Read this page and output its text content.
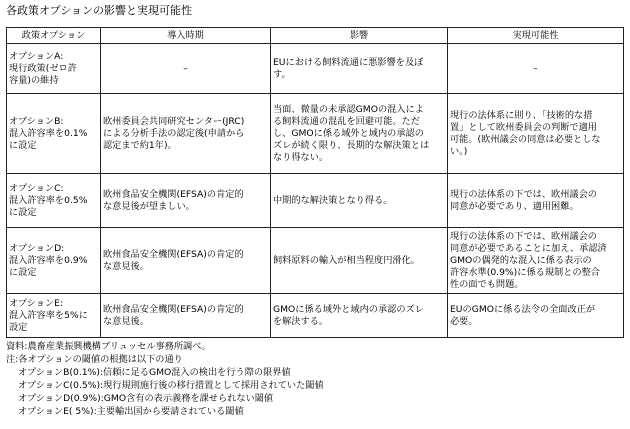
各政策オプションの影響と実現可能性
政策オプション	導入時期	影響	実現可能性

オプションA:
現行政策(ゼロ許
容量)の維持	–	EUにおける飼料流通に悪影響を及ぼ
す。	–

オプションB:
混入許容率を0.1%
に設定	欧州委員会共同研究センター(JRC)
による分析手法の認定後(申請から
認定まで約1年)。	当面、微量の未承認GMOの混入によ
る飼料流通の混乱を回避可能。ただ
し、GMOに係る域外と域内の承認の
ズレが続く限り、長期的な解決策とは
なり得ない。	現行の法体系に則り、「技術的な措
置」として欧州委員会の判断で適用
可能。(欧州議会の同意は必要としな
い。)

オプションC:
混入許容率を0.5%
に設定	欧州食品安全機関(EFSA)の肯定的
な意見後が望ましい。	中期的な解決策となり得る。	現行の法体系の下では、欧州議会の
同意が必要であり、適用困難。

オプションD:
混入許容率を0.9%
に設定	欧州食品安全機関(EFSA)の肯定的
な意見後。	飼料原料の輸入が相当程度円滑化。	現行の法体系の下では、欧州議会の
同意が必要であることに加え、承認済
GMOの偶発的な混入に係る表示の
許容水準(0.9%)に係る規制との整合
性の面でも問題。

オプションE:
混入許容率を5%に
設定	欧州食品安全機関(EFSA)の肯定的
な意見後。	GMOに係る域外と域内の承認のズレ
を解決する。	EUのGMOに係る法令の全面改正が
必要。
資料:農畜産業振興機構ブリュッセル事務所調べ。
注:各オプションの閾値の根拠は以下の通り
オプションB(0.1%):信頼に足るGMO混入の検出を行う際の限界値
オプションC(0.5%):現行規則施行後の移行措置として採用されていた閾値
オプションD(0.9%):GMO含有の表示義務を課せられない閾値
オプションE( 5%):主要輸出国から要請されている閾値
